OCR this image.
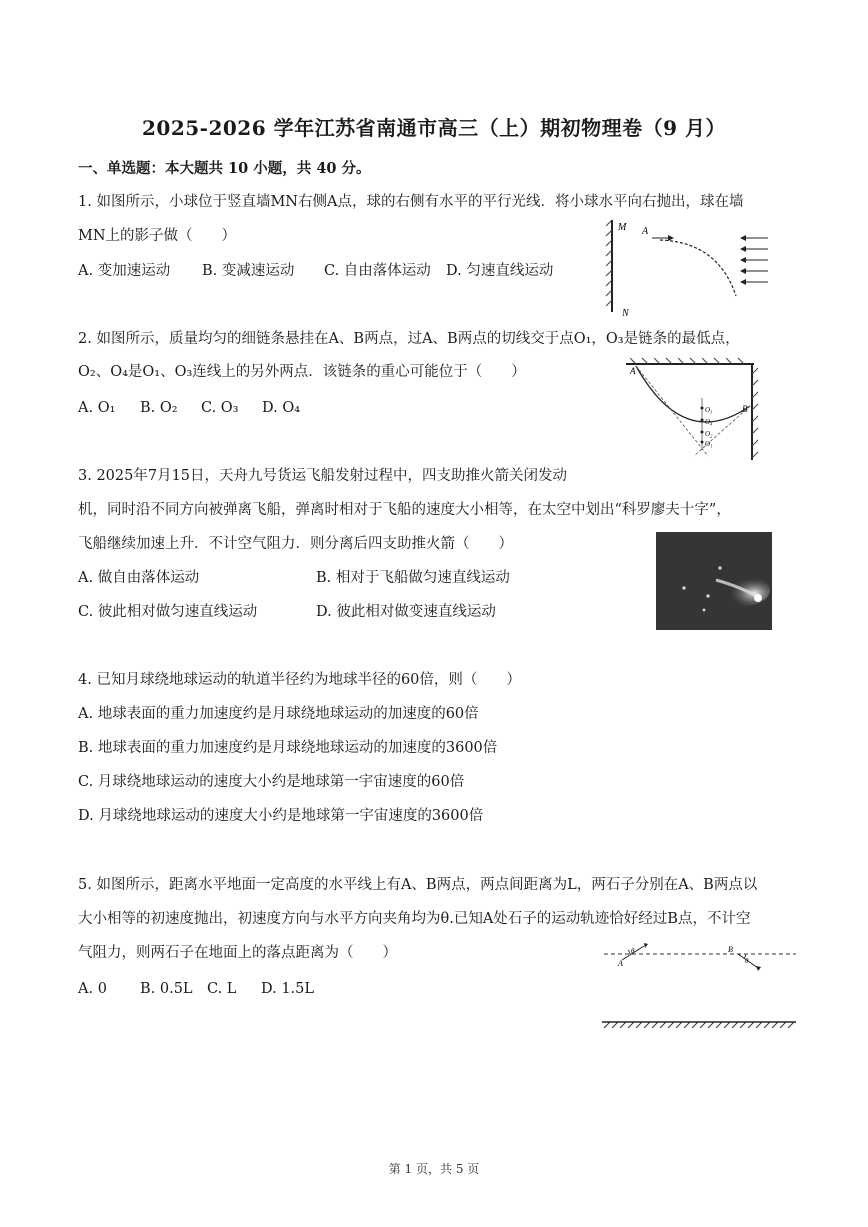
2025-2026 学年江苏省南通市高三（上）期初物理卷（9 月）
一、单选题：本大题共 10 小题，共 40 分。
1. 如图所示，小球位于竖直墙MN右侧A点，球的右侧有水平的平行光线．将小球水平向右抛出，球在墙
MN上的影子做（　　）
A. 变加速运动 B. 变减速运动 C. 自由落体运动 D. 匀速直线运动
M
N
A
2. 如图所示，质量均匀的细链条悬挂在A、B两点，过A、B两点的切线交于点O₁，O₃是链条的最低点，
O₂、O₄是O₁、O₃连线上的另外两点．该链条的重心可能位于（　　）
A. O₁ B. O₂ C. O₃ D. O₄
A
B
O₃
O₄
O₂
O₁
3. 2025年7月15日，天舟九号货运飞船发射过程中，四支助推火箭关闭发动
机，同时沿不同方向被弹离飞船，弹离时相对于飞船的速度大小相等，在太空中划出“科罗廖夫十字”，
飞船继续加速上升．不计空气阻力．则分离后四支助推火箭（　　）
A. 做自由落体运动	B. 相对于飞船做匀速直线运动
C. 彼此相对做匀速直线运动	D. 彼此相对做变速直线运动
4. 已知月球绕地球运动的轨道半径约为地球半径的60倍，则（　　）
A. 地球表面的重力加速度约是月球绕地球运动的加速度的60倍
B. 地球表面的重力加速度约是月球绕地球运动的加速度的3600倍
C. 月球绕地球运动的速度大小约是地球第一宇宙速度的60倍
D. 月球绕地球运动的速度大小约是地球第一宇宙速度的3600倍
5. 如图所示，距离水平地面一定高度的水平线上有A、B两点，两点间距离为L，两石子分别在A、B两点以
大小相等的初速度抛出，初速度方向与水平方向夹角均为θ.已知A处石子的运动轨迹恰好经过B点，不计空
气阻力，则两石子在地面上的落点距离为（　　）
A. 0 B. 0.5L C. L D. 1.5L
A
θ	B
θ
第 1 页，共 5 页
